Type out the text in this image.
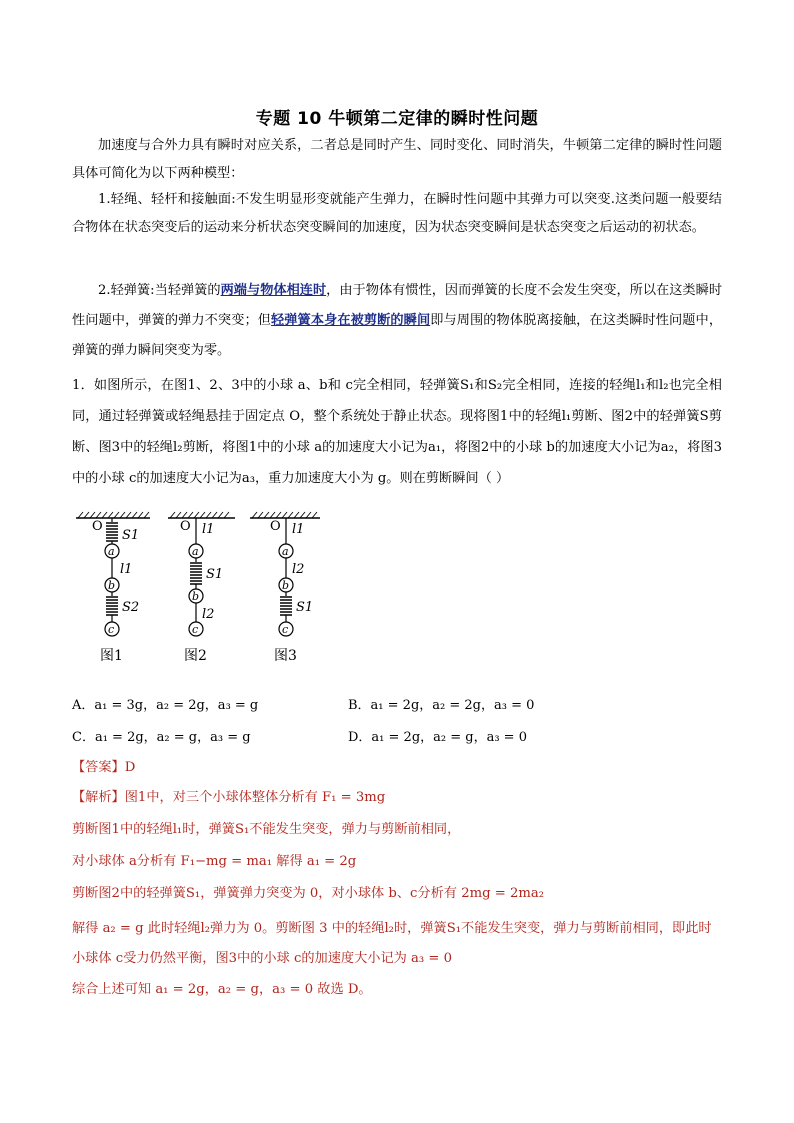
专题 10 牛顿第二定律的瞬时性问题

加速度与合外力具有瞬时对应关系，二者总是同时产生、同时变化、同时消失，牛顿第二定律的瞬时性问题具体可简化为以下两种模型：

1.轻绳、轻杆和接触面:不发生明显形变就能产生弹力，在瞬时性问题中其弹力可以突变.这类问题一般要结合物体在状态突变后的运动来分析状态突变瞬间的加速度，因为状态突变瞬间是状态突变之后运动的初状态。

2.轻弹簧:当轻弹簧的两端与物体相连时，由于物体有惯性，因而弹簧的长度不会发生突变，所以在这类瞬时性问题中，弹簧的弹力不突变；但轻弹簧本身在被剪断的瞬间即与周围的物体脱离接触，在这类瞬时性问题中，弹簧的弹力瞬间突变为零。

1．如图所示，在图1、2、3中的小球 a、b和 c完全相同，轻弹簧S₁和S₂完全相同，连接的轻绳l₁和l₂也完全相同，通过轻弹簧或轻绳悬挂于固定点 O，整个系统处于静止状态。现将图1中的轻绳l₁剪断、图2中的轻弹簧S剪断、图3中的轻绳l₂剪断，将图1中的小球 a的加速度大小记为a₁，将图2中的小球 b的加速度大小记为a₂，将图3中的小球 c的加速度大小记为a₃，重力加速度大小为 g。则在剪断瞬间（ ）

O
S1
a
l1
b
S2
c
图1
O l1
a
S1
b
l2
c
图2
O l1
a
l2
b
S1
c
图3
A．a₁ = 3g，a₂ = 2g，a₃ = g	B．a₁ = 2g，a₂ = 2g，a₃ = 0
C．a₁ = 2g，a₂ = g，a₃ = g	D．a₁ = 2g，a₂ = g，a₃ = 0
【答案】D
【解析】图1中，对三个小球体整体分析有 F₁ = 3mg
剪断图1中的轻绳l₁时，弹簧S₁不能发生突变，弹力与剪断前相同，
对小球体 a分析有 F₁−mg = ma₁ 解得 a₁ = 2g
剪断图2中的轻弹簧S₁，弹簧弹力突变为 0，对小球体 b、c分析有 2mg = 2ma₂
解得 a₂ = g 此时轻绳l₂弹力为 0。剪断图 3 中的轻绳l₂时，弹簧S₁不能发生突变，弹力与剪断前相同，即此时小球体 c受力仍然平衡，图3中的小球 c的加速度大小记为 a₃ = 0
综合上述可知 a₁ = 2g，a₂ = g，a₃ = 0 故选 D。
